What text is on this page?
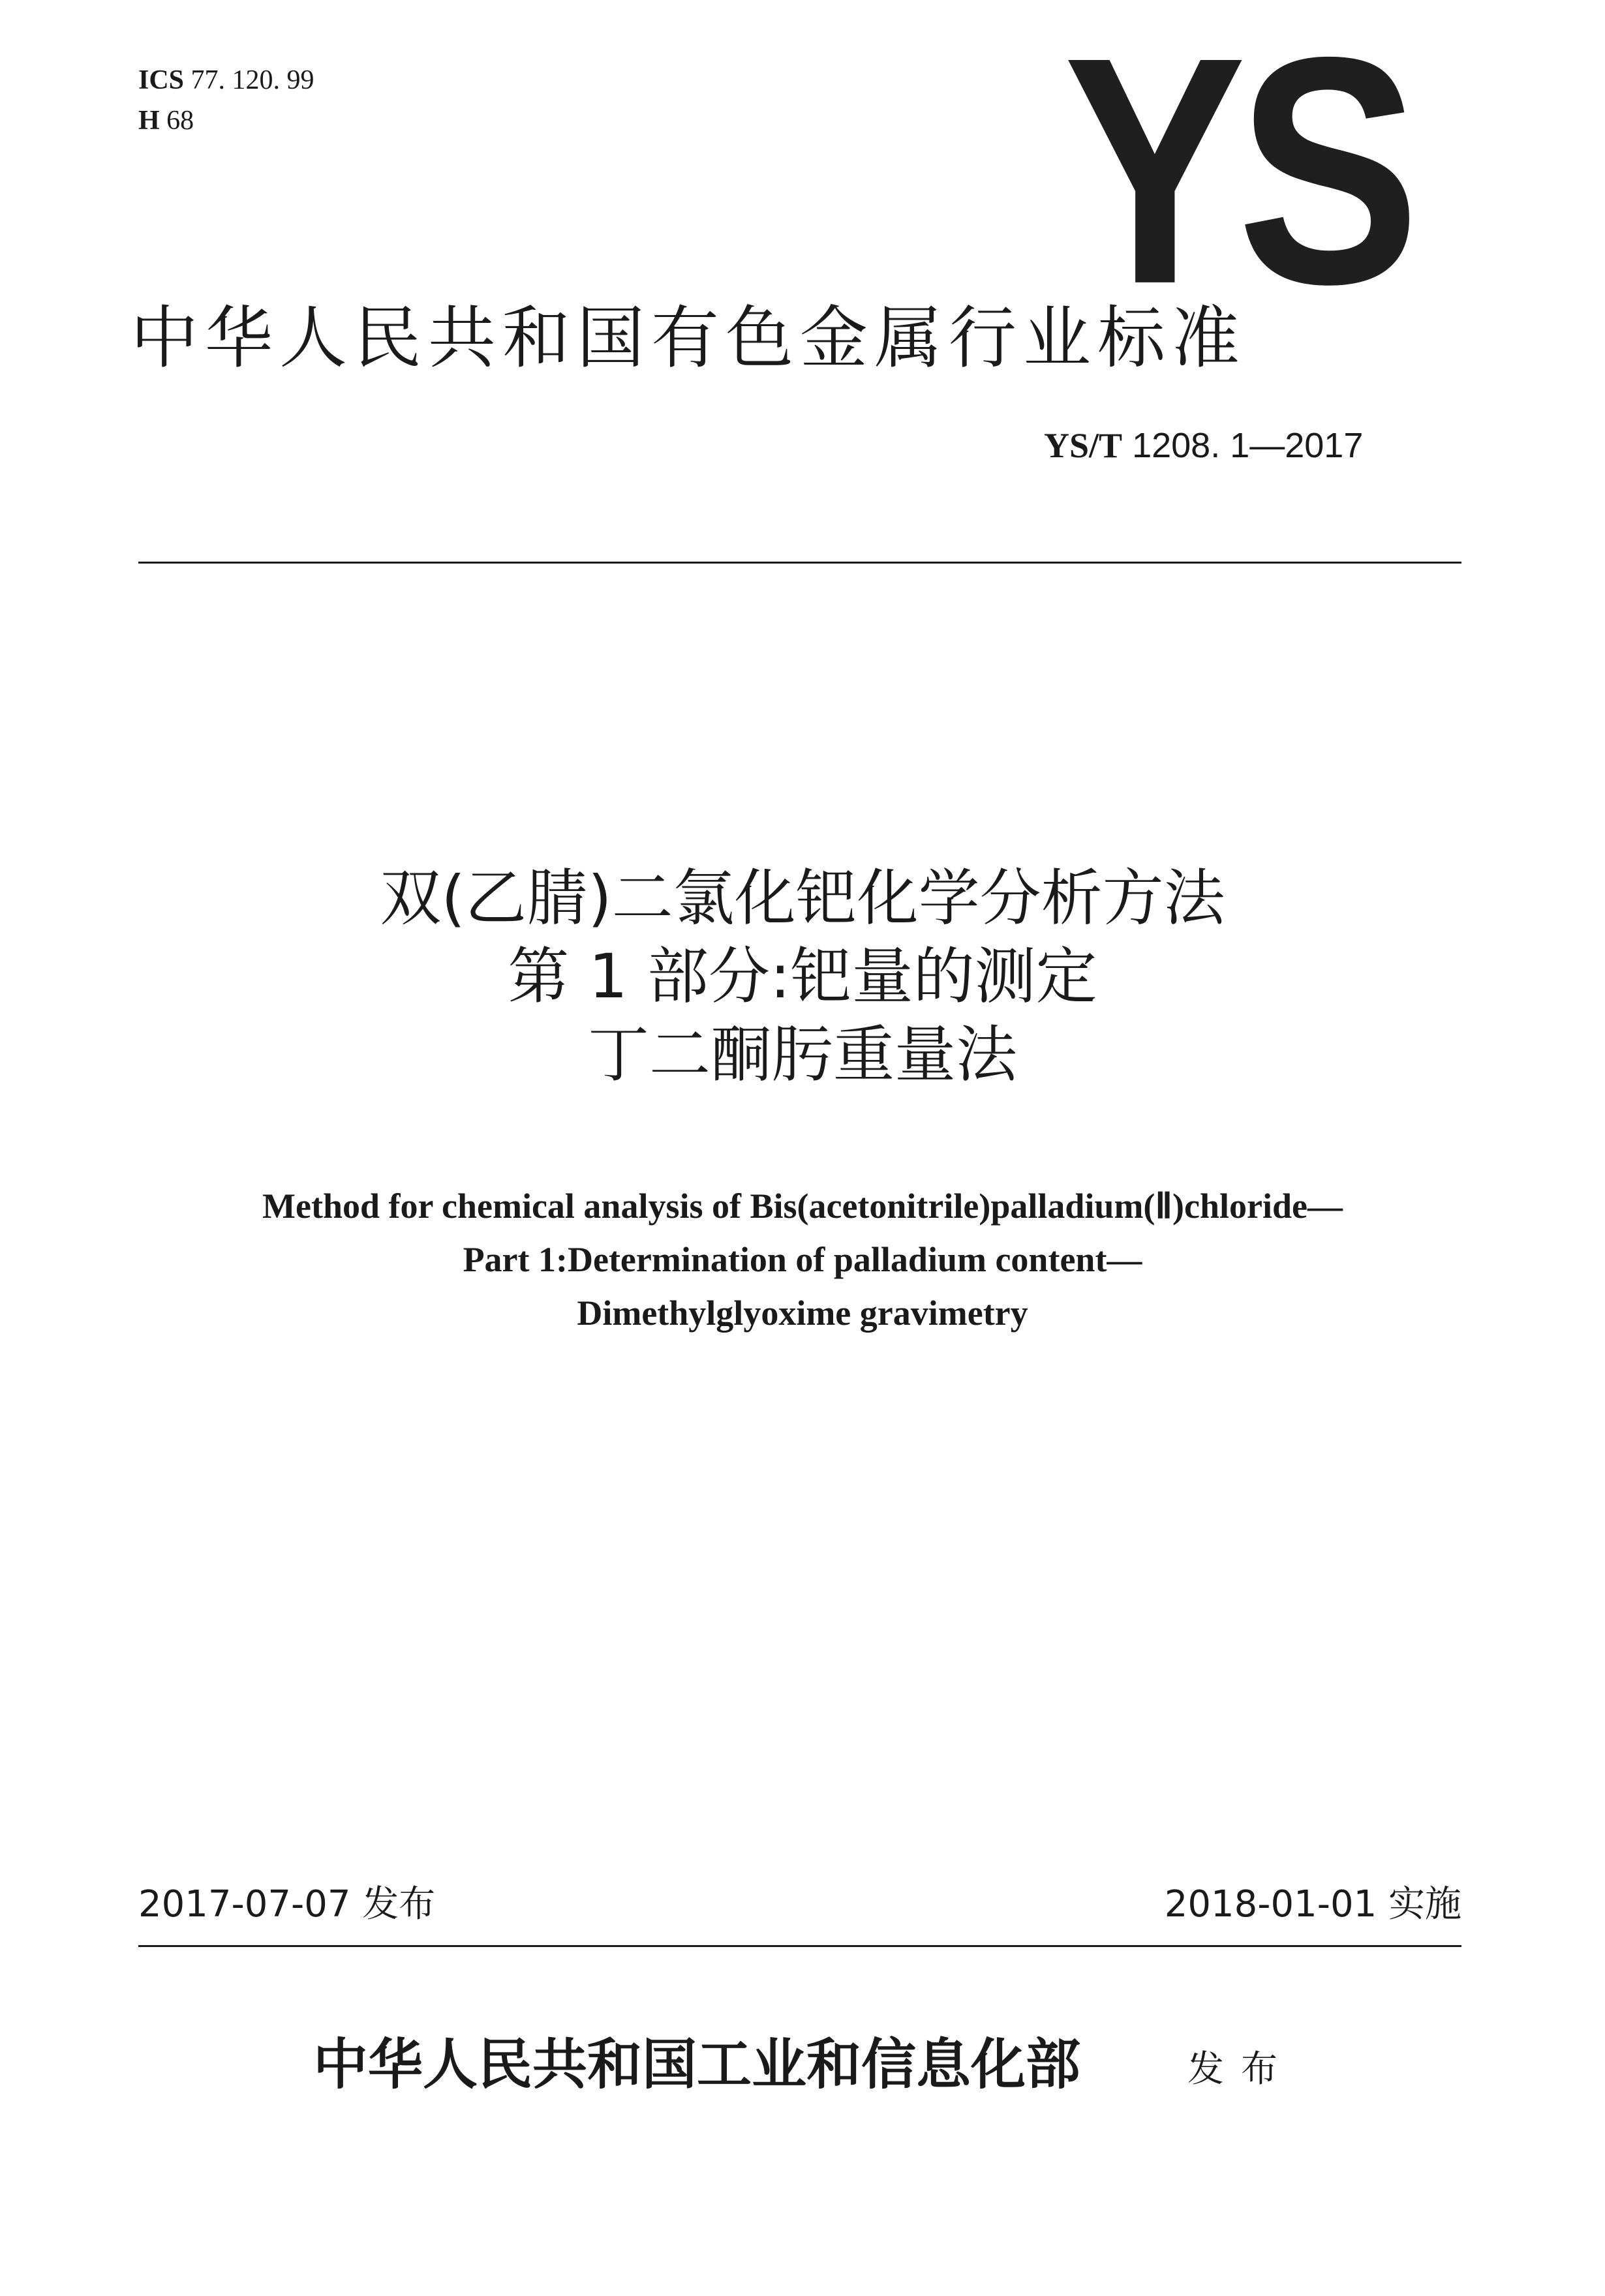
ICS 77. 120. 99
H 68	YS
中华人民共和国有色金属行业标准
YS/T 1208. 1—2017
双(乙腈)二氯化钯化学分析方法
第 1 部分:钯量的测定
丁二酮肟重量法
Method for chemical analysis of Bis(acetonitrile)palladium(Ⅱ)chloride—
Part 1:Determination of palladium content—
Dimethylglyoxime gravimetry
2017-07-07 发布	2018-01-01 实施
中华人民共和国工业和信息化部	发布
